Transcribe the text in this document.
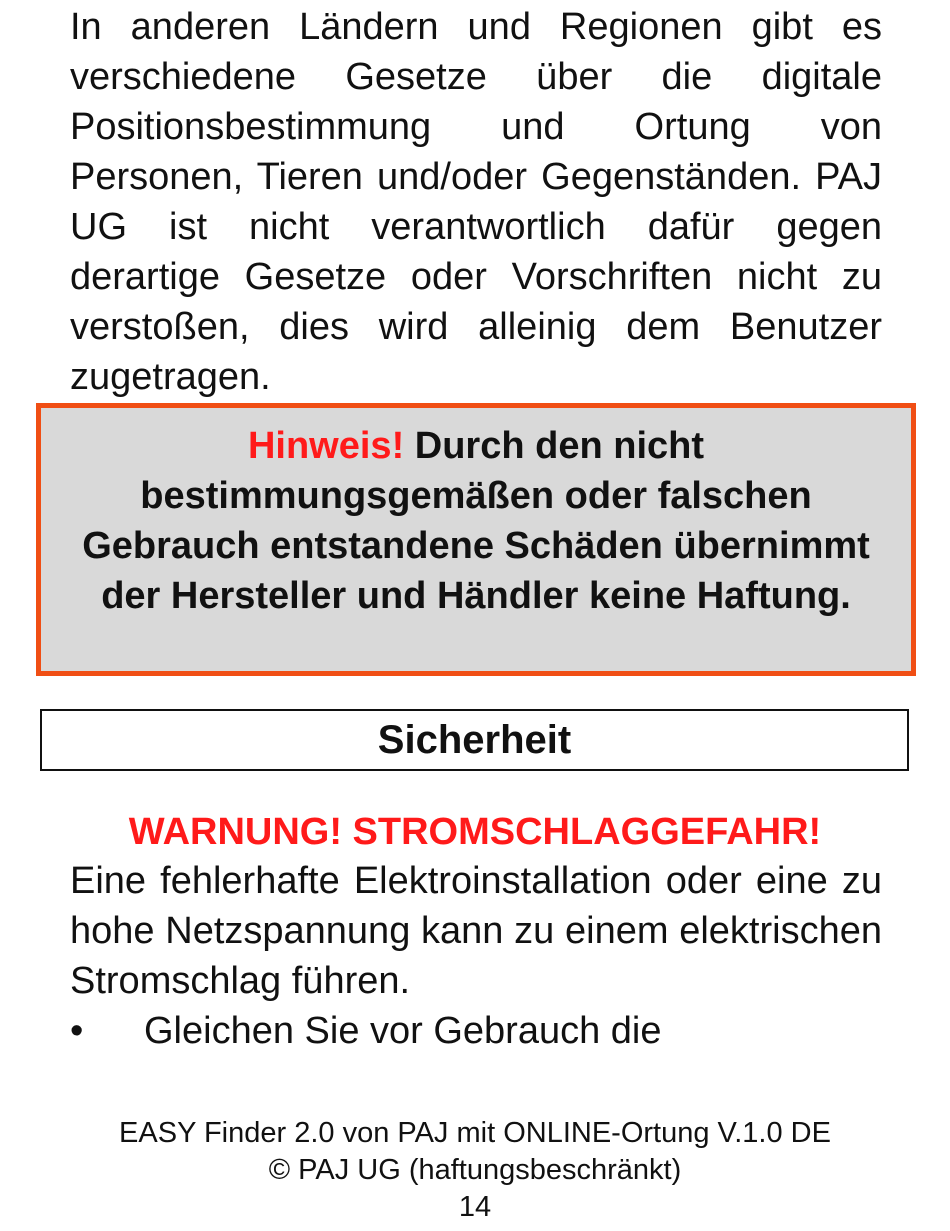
In anderen Ländern und Regionen gibt es verschiedene Gesetze über die digitale Positionsbestimmung und Ortung von Personen, Tieren und/oder Gegenständen. PAJ UG ist nicht verantwortlich dafür gegen derartige Gesetze oder Vorschriften nicht zu verstoßen, dies wird alleinig dem Benutzer zugetragen.

Hinweis! Durch den nicht bestimmungsgemäßen oder falschen Gebrauch entstandene Schäden übernimmt der Hersteller und Händler keine Haftung.

Sicherheit
WARNUNG! STROMSCHLAGGEFAHR!

Eine fehlerhafte Elektroinstallation oder eine zu hohe Netzspannung kann zu einem elektrischen Stromschlag führen.

•	Gleichen Sie vor Gebrauch die
EASY Finder 2.0 von PAJ mit ONLINE-Ortung V.1.0 DE
© PAJ UG (haftungsbeschränkt)
14
